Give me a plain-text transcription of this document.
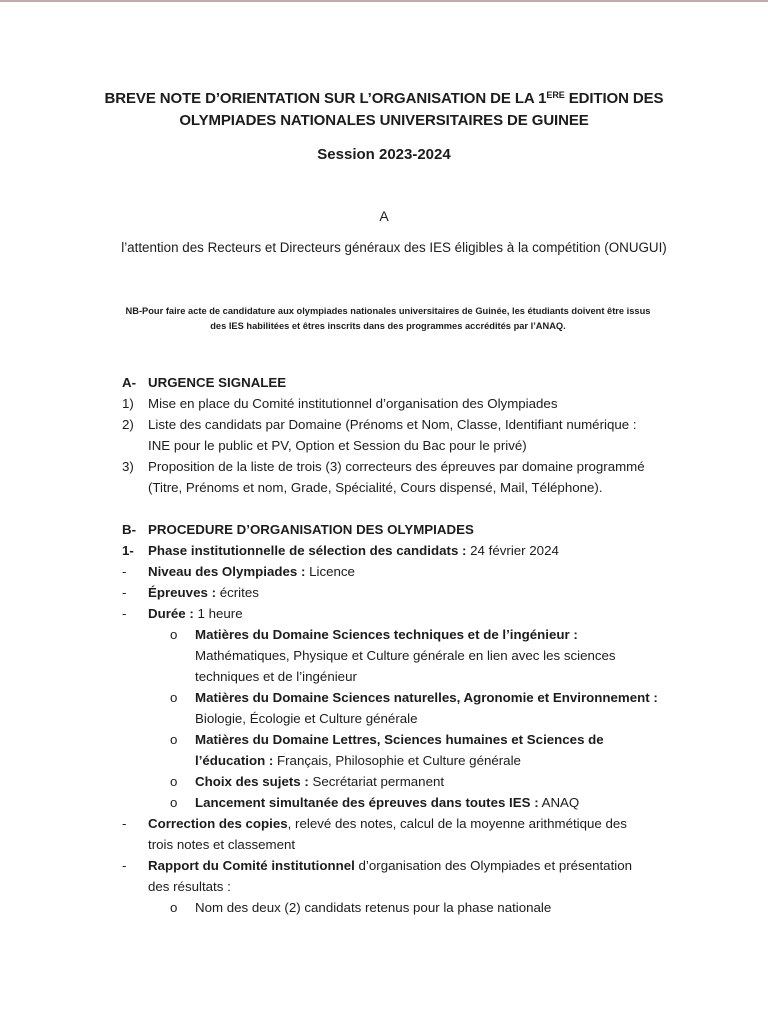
BREVE NOTE D’ORIENTATION SUR L’ORGANISATION DE LA 1ERE EDITION DES
OLYMPIADES NATIONALES UNIVERSITAIRES DE GUINEE
Session 2023-2024
A
l’attention des Recteurs et Directeurs généraux des IES éligibles à la compétition (ONUGUI)
NB-Pour faire acte de candidature aux olympiades nationales universitaires de Guinée, les étudiants doivent être issus
des IES habilitées et êtres inscrits dans des programmes accrédités par l’ANAQ.
A- URGENCE SIGNALEE
1) Mise en place du Comité institutionnel d’organisation des Olympiades
2) Liste des candidats par Domaine (Prénoms et Nom, Classe, Identifiant numérique :
INE pour le public et PV, Option et Session du Bac pour le privé)
3) Proposition de la liste de trois (3) correcteurs des épreuves par domaine programmé
(Titre, Prénoms et nom, Grade, Spécialité, Cours dispensé, Mail, Téléphone).
B- PROCEDURE D’ORGANISATION DES OLYMPIADES
1- Phase institutionnelle de sélection des candidats : 24 février 2024
- Niveau des Olympiades : Licence
- Épreuves : écrites
- Durée : 1 heure
o Matières du Domaine Sciences techniques et de l’ingénieur :
Mathématiques, Physique et Culture générale en lien avec les sciences
techniques et de l’ingénieur
o Matières du Domaine Sciences naturelles, Agronomie et Environnement :
Biologie, Écologie et Culture générale
o Matières du Domaine Lettres, Sciences humaines et Sciences de
l’éducation : Français, Philosophie et Culture générale
o Choix des sujets : Secrétariat permanent
o Lancement simultanée des épreuves dans toutes IES : ANAQ
- Correction des copies, relevé des notes, calcul de la moyenne arithmétique des
trois notes et classement
- Rapport du Comité institutionnel d’organisation des Olympiades et présentation
des résultats :
o Nom des deux (2) candidats retenus pour la phase nationale
